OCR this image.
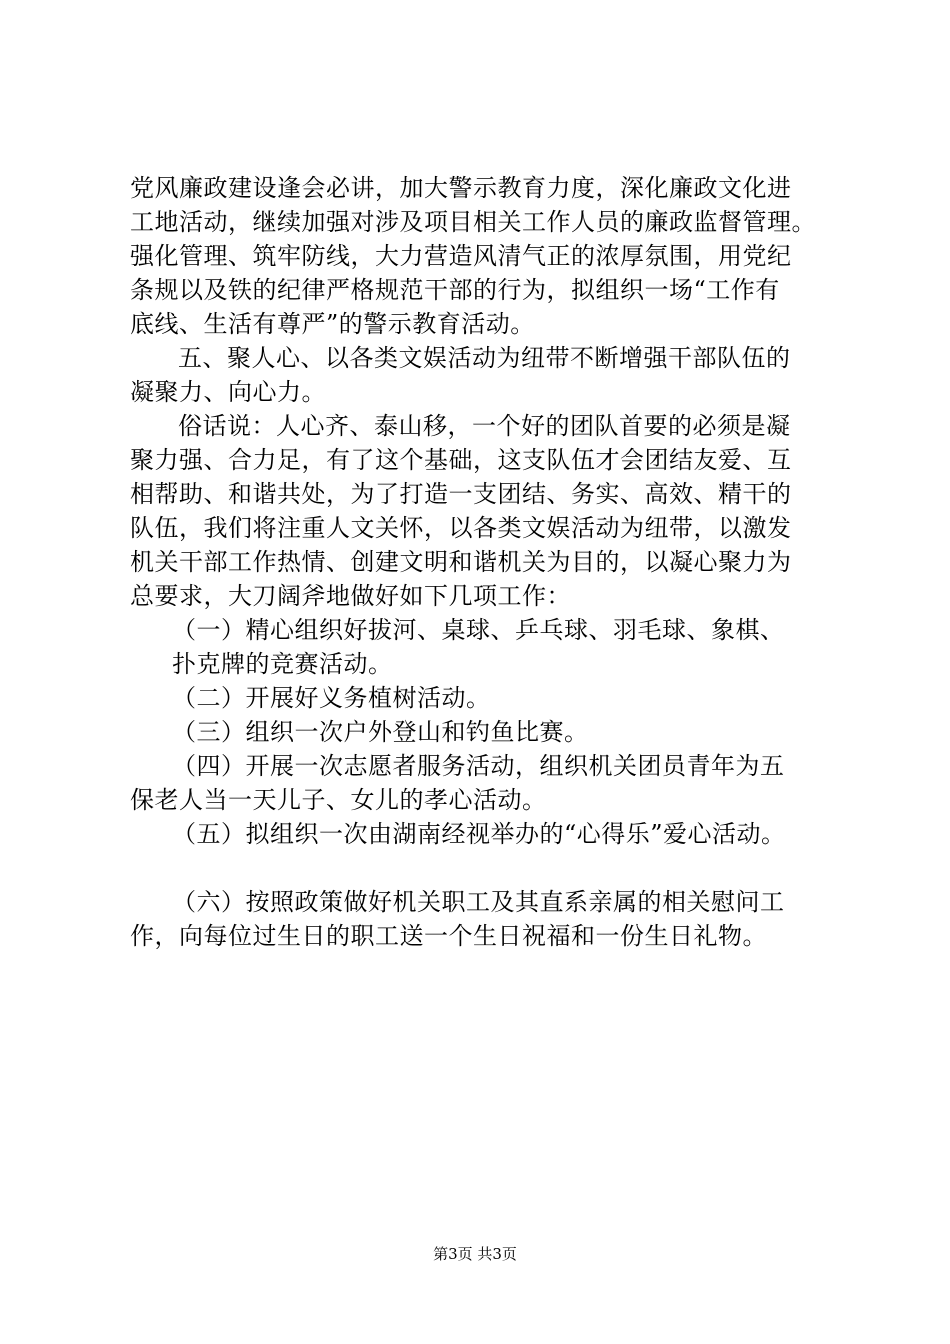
党风廉政建设逢会必讲，加大警示教育力度，深化廉政文化进
工地活动，继续加强对涉及项目相关工作人员的廉政监督管理。
强化管理、筑牢防线，大力营造风清气正的浓厚氛围，用党纪
条规以及铁的纪律严格规范干部的行为，拟组织一场“工作有
底线、生活有尊严”的警示教育活动。
五、聚人心、以各类文娱活动为纽带不断增强干部队伍的
凝聚力、向心力。
俗话说：人心齐、泰山移，一个好的团队首要的必须是凝
聚力强、合力足，有了这个基础，这支队伍才会团结友爱、互
相帮助、和谐共处，为了打造一支团结、务实、高效、精干的
队伍，我们将注重人文关怀，以各类文娱活动为纽带，以激发
机关干部工作热情、创建文明和谐机关为目的，以凝心聚力为
总要求，大刀阔斧地做好如下几项工作：
（一）精心组织好拔河、桌球、乒乓球、羽毛球、象棋、
扑克牌的竞赛活动。
（二）开展好义务植树活动。
（三）组织一次户外登山和钓鱼比赛。
（四）开展一次志愿者服务活动，组织机关团员青年为五
保老人当一天儿子、女儿的孝心活动。
（五）拟组织一次由湖南经视举办的“心得乐”爱心活动。
（六）按照政策做好机关职工及其直系亲属的相关慰问工
作，向每位过生日的职工送一个生日祝福和一份生日礼物。
第3页 共3页
